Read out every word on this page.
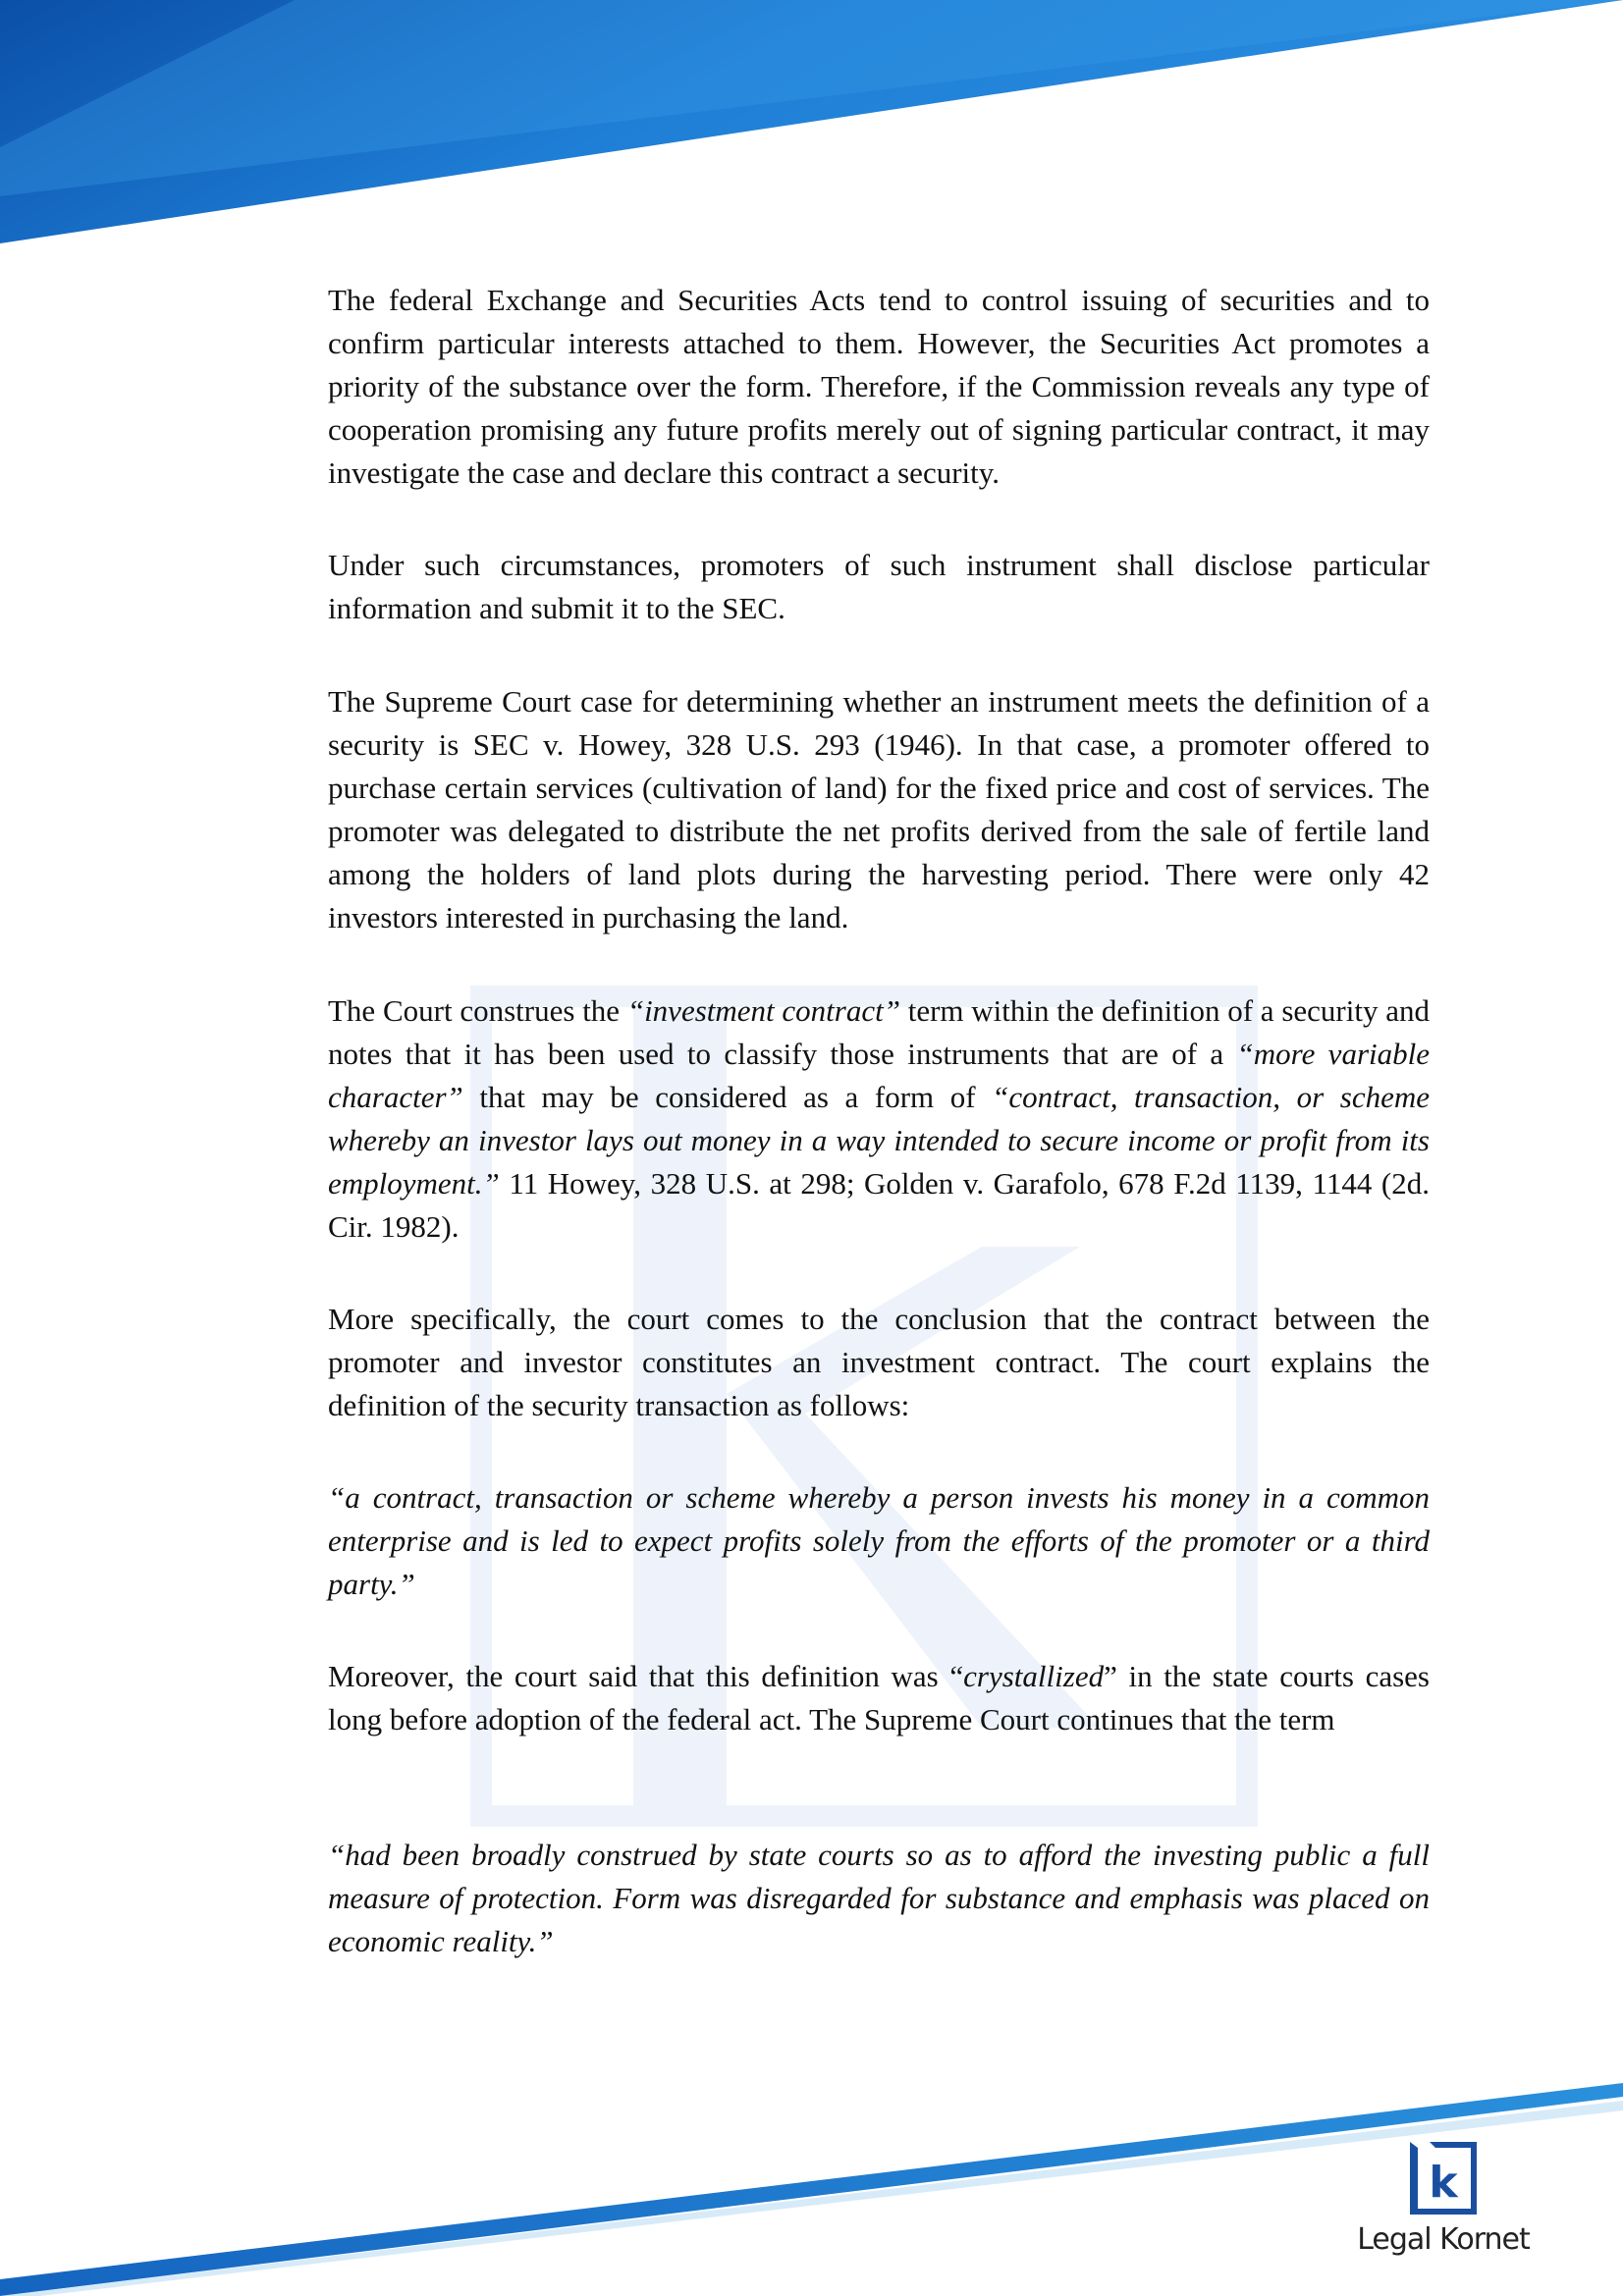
The federal Exchange and Securities Acts tend to control issuing of securities and to confirm particular interests attached to them. However, the Securities Act promotes a priority of the substance over the form. Therefore, if the Commission reveals any type of cooperation promising any future profits merely out of signing particular contract, it may investigate the case and declare this contract a security.

Under such circumstances, promoters of such instrument shall disclose particular information and submit it to the SEC.

The Supreme Court case for determining whether an instrument meets the definition of a security is SEC v. Howey, 328 U.S. 293 (1946). In that case, a promoter offered to purchase certain services (cultivation of land) for the fixed price and cost of services. The promoter was delegated to distribute the net profits derived from the sale of fertile land among the holders of land plots during the harvesting period. There were only 42 investors interested in purchasing the land.

The Court construes the “investment contract” term within the definition of a security and notes that it has been used to classify those instruments that are of a “more variable character” that may be considered as a form of “contract, transaction, or scheme whereby an investor lays out money in a way intended to secure income or profit from its employment.” 11 Howey, 328 U.S. at 298; Golden v. Garafolo, 678 F.2d 1139, 1144 (2d. Cir. 1982).

More specifically, the court comes to the conclusion that the contract between the promoter and investor constitutes an investment contract. The court explains the definition of the security transaction as follows:

“a contract, transaction or scheme whereby a person invests his money in a common enterprise and is led to expect profits solely from the efforts of the promoter or a third party.”

Moreover, the court said that this definition was “crystallized” in the state courts cases long before adoption of the federal act. The Supreme Court continues that the term

“had been broadly construed by state courts so as to afford the investing public a full measure of protection. Form was disregarded for substance and emphasis was placed on economic reality.”

k
Legal Kornet
